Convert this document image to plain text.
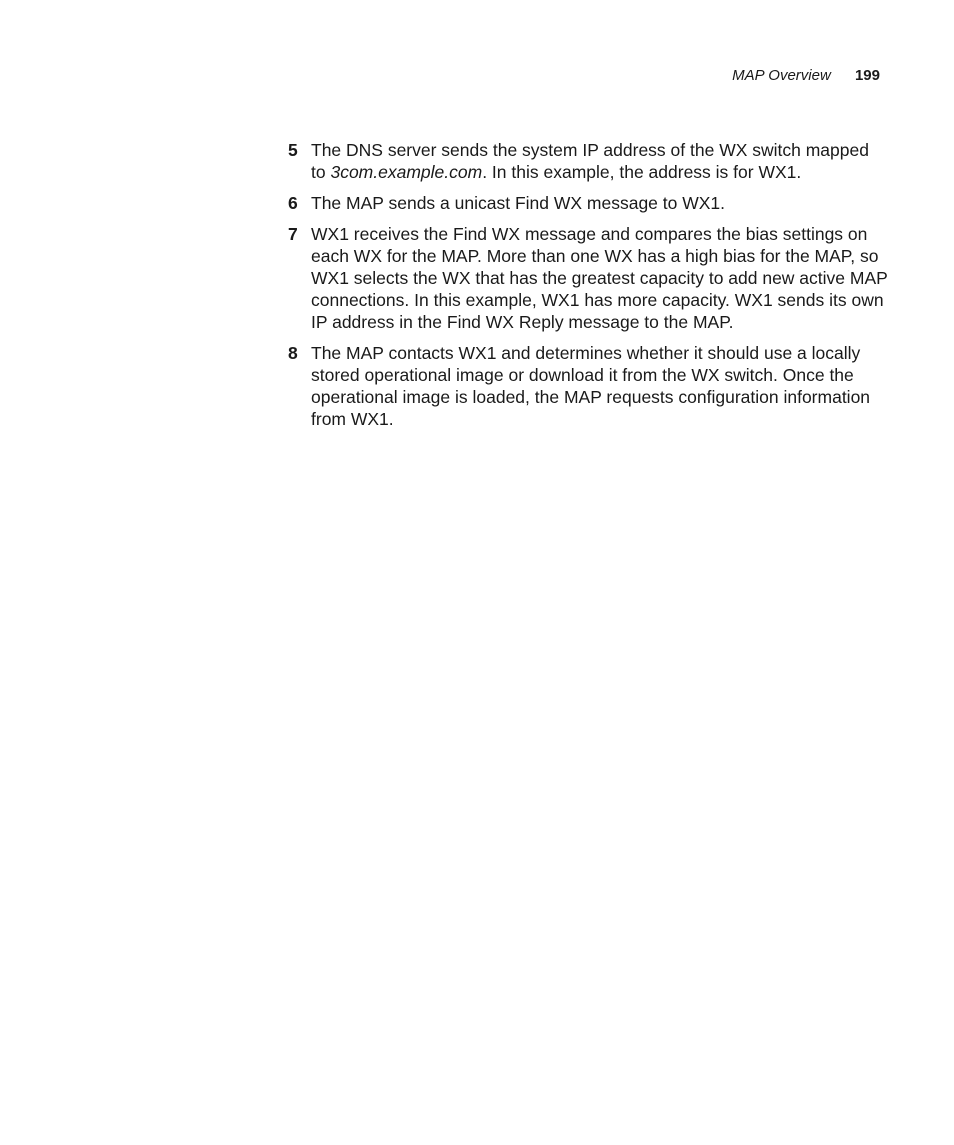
MAP Overview 199
5 The DNS server sends the system IP address of the WX switch mapped to 3com.example.com. In this example, the address is for WX1.
6 The MAP sends a unicast Find WX message to WX1.
7 WX1 receives the Find WX message and compares the bias settings on each WX for the MAP. More than one WX has a high bias for the MAP, so WX1 selects the WX that has the greatest capacity to add new active MAP connections. In this example, WX1 has more capacity. WX1 sends its own IP address in the Find WX Reply message to the MAP.
8 The MAP contacts WX1 and determines whether it should use a locally stored operational image or download it from the WX switch. Once the operational image is loaded, the MAP requests configuration information from WX1.
